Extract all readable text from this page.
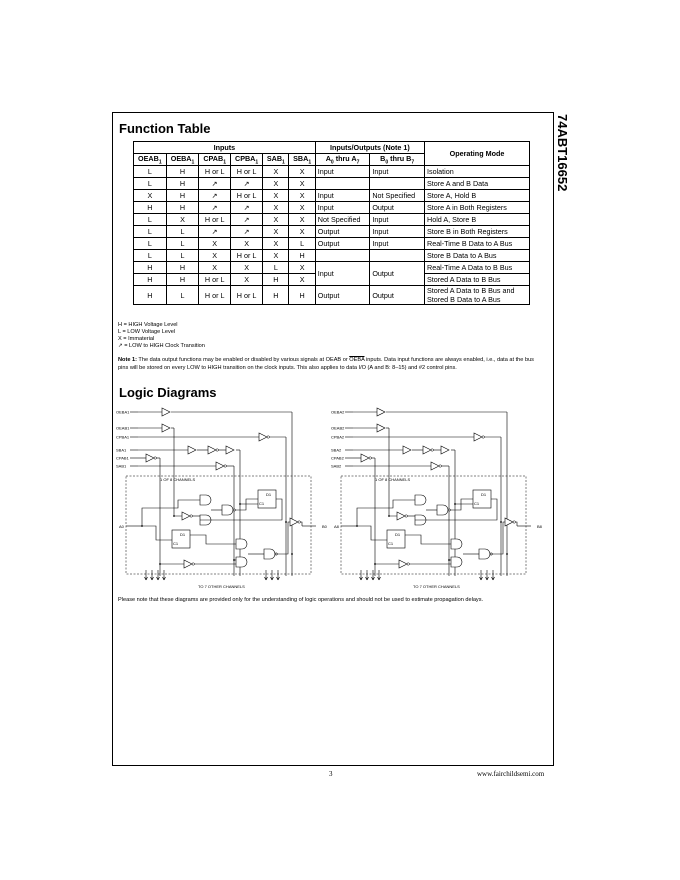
74ABT16652
Function Table
Inputs						Inputs/Outputs (Note 1)		Operating Mode
$OEAB_1$	$OEBA_1$	$CPAB_1$	$CPBA_1$	$SAB_1$	$SBA_1$	$A_0$ thru $A_7$	$B_0$ thru $B_7$
L	H	H or L	H or L	X	X	Input	Input	Isolation
L	H	↗	↗	X	X			Store A and B Data
X	H	↗	H or L	X	X	Input	Not Specified	Store A, Hold B
H	H	↗	↗	X	X	Input	Output	Store A in Both Registers
L	X	H or L	↗	X	X	Not Specified	Input	Hold A, Store B
L	L	↗	↗	X	X	Output	Input	Store B in Both Registers
L	L	X	X	X	L	Output	Input	Real-Time B Data to A Bus
L	L	X	H or L	X	H			Store B Data to A Bus
H	H	X	X	L	X	Input	Output	Real-Time A Data to B Bus
H	H	H or L	X	H	X			Stored A Data to B Bus
H	L	H or L	H or L	H	H	Output	Output	Stored A Data to B Bus and Stored B Data to A Bus
H = HIGH Voltage Level
L = LOW Voltage Level
X = Immaterial
↗ = LOW to HIGH Clock Transition
Note 1: The data output functions may be enabled or disabled by various signals at OEAB or OEBA inputs. Data input functions are always enabled, i.e., data at the bus pins will be stored on every LOW to HIGH transition on the clock inputs. This also applies to data I/O (A and B: 8–15) and #2 control pins.
Logic Diagrams
OEBA1
OEAB1
CPBA1
SBA1
CPAB1
SAB1
1 OF 8 CHANNELS
TO 7 OTHER CHANNELS
A0	B0
D1
C1
D1
C1
OEBA2
OEAB2
CPBA2
SBA2
CPAB2
SAB2
1 OF 8 CHANNELS
TO 7 OTHER CHANNELS
A8	B8
D1
C1
D1
C1
Please note that these diagrams are provided only for the understanding of logic operations and should not be used to estimate propagation delays.
3	www.fairchildsemi.com
